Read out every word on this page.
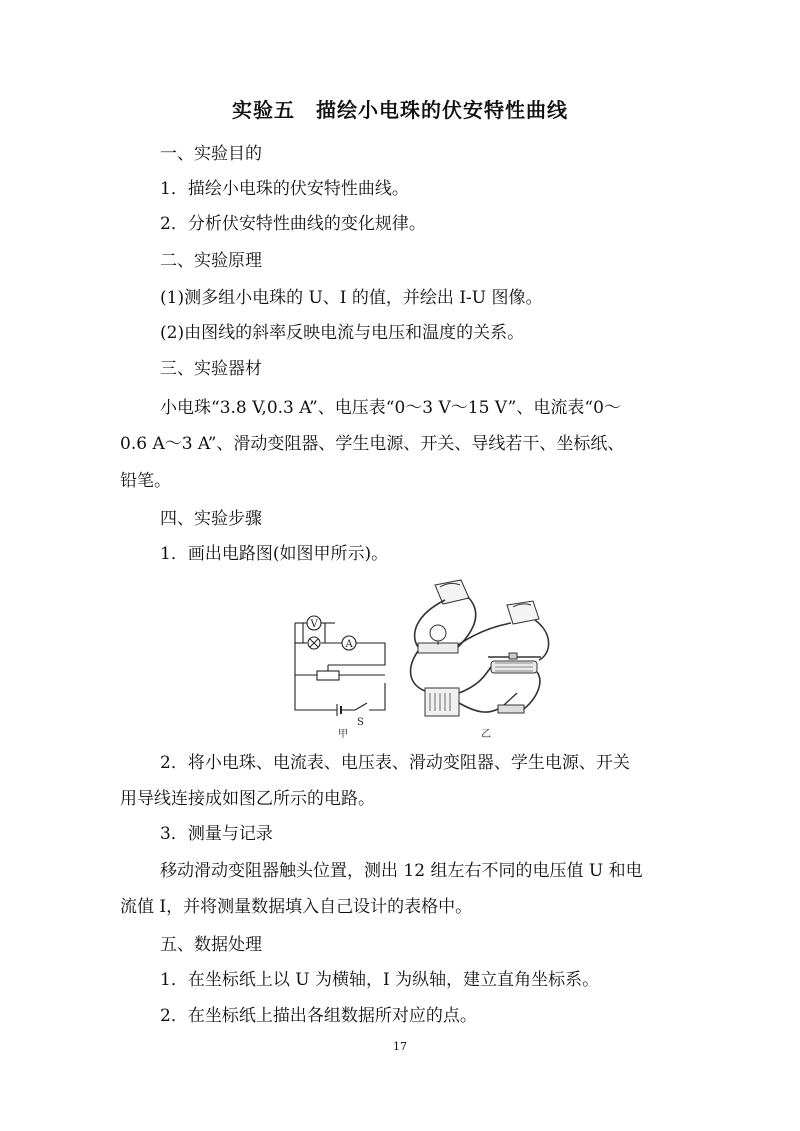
实验五　描绘小电珠的伏安特性曲线
一、实验目的
1．描绘小电珠的伏安特性曲线。
2．分析伏安特性曲线的变化规律。
二、实验原理
(1)测多组小电珠的 U、I 的值，并绘出 I-U 图像。
(2)由图线的斜率反映电流与电压和温度的关系。
三、实验器材
小电珠“3.8 V,0.3 A”、电压表“0～3 V～15 V”、电流表“0～
0.6 A～3 A”、滑动变阻器、学生电源、开关、导线若干、坐标纸、
铅笔。
四、实验步骤
1．画出电路图(如图甲所示)。
V
A
S
甲	乙
2．将小电珠、电流表、电压表、滑动变阻器、学生电源、开关
用导线连接成如图乙所示的电路。
3．测量与记录
移动滑动变阻器触头位置，测出 12 组左右不同的电压值 U 和电
流值 I，并将测量数据填入自己设计的表格中。
五、数据处理
1．在坐标纸上以 U 为横轴，I 为纵轴，建立直角坐标系。
2．在坐标纸上描出各组数据所对应的点。
17
